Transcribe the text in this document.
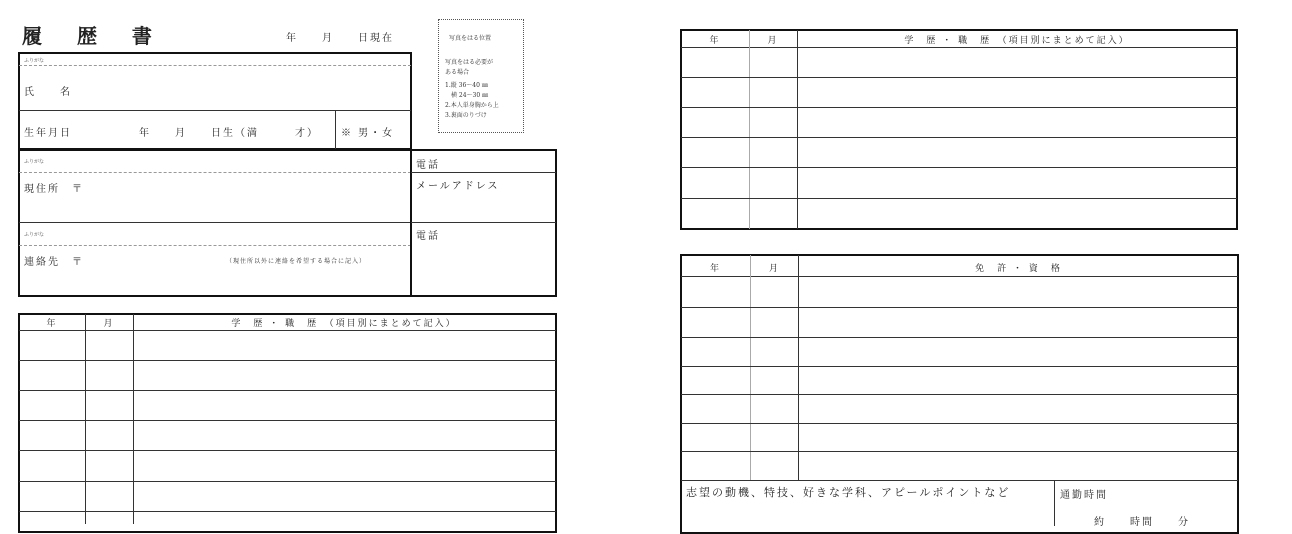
履 歴 書	年　　月　　日現在	写真をはる位置
写真をはる必要が
ある場合
1.縦 36〜40 ㎜
　横 24〜30 ㎜
2.本人単身胸から上
3.裏面のりづけ
ふりがな
氏　　名
生年月日	年　　月　　日生（満　　　才） ※ 男・女
ふりがな
現住所　〒
ふりがな
連絡先　〒	（現住所以外に連絡を希望する場合に記入）
電話
メールアドレス
電話
年	月	学　歴 ・ 職　歴　（項目別にまとめて記入）
年	月	学　歴 ・ 職　歴　（項目別にまとめて記入）
年	月	免　許 ・ 資　格
志望の動機、特技、好きな学科、アピールポイントなど	通勤時間
約　　時間　　分
